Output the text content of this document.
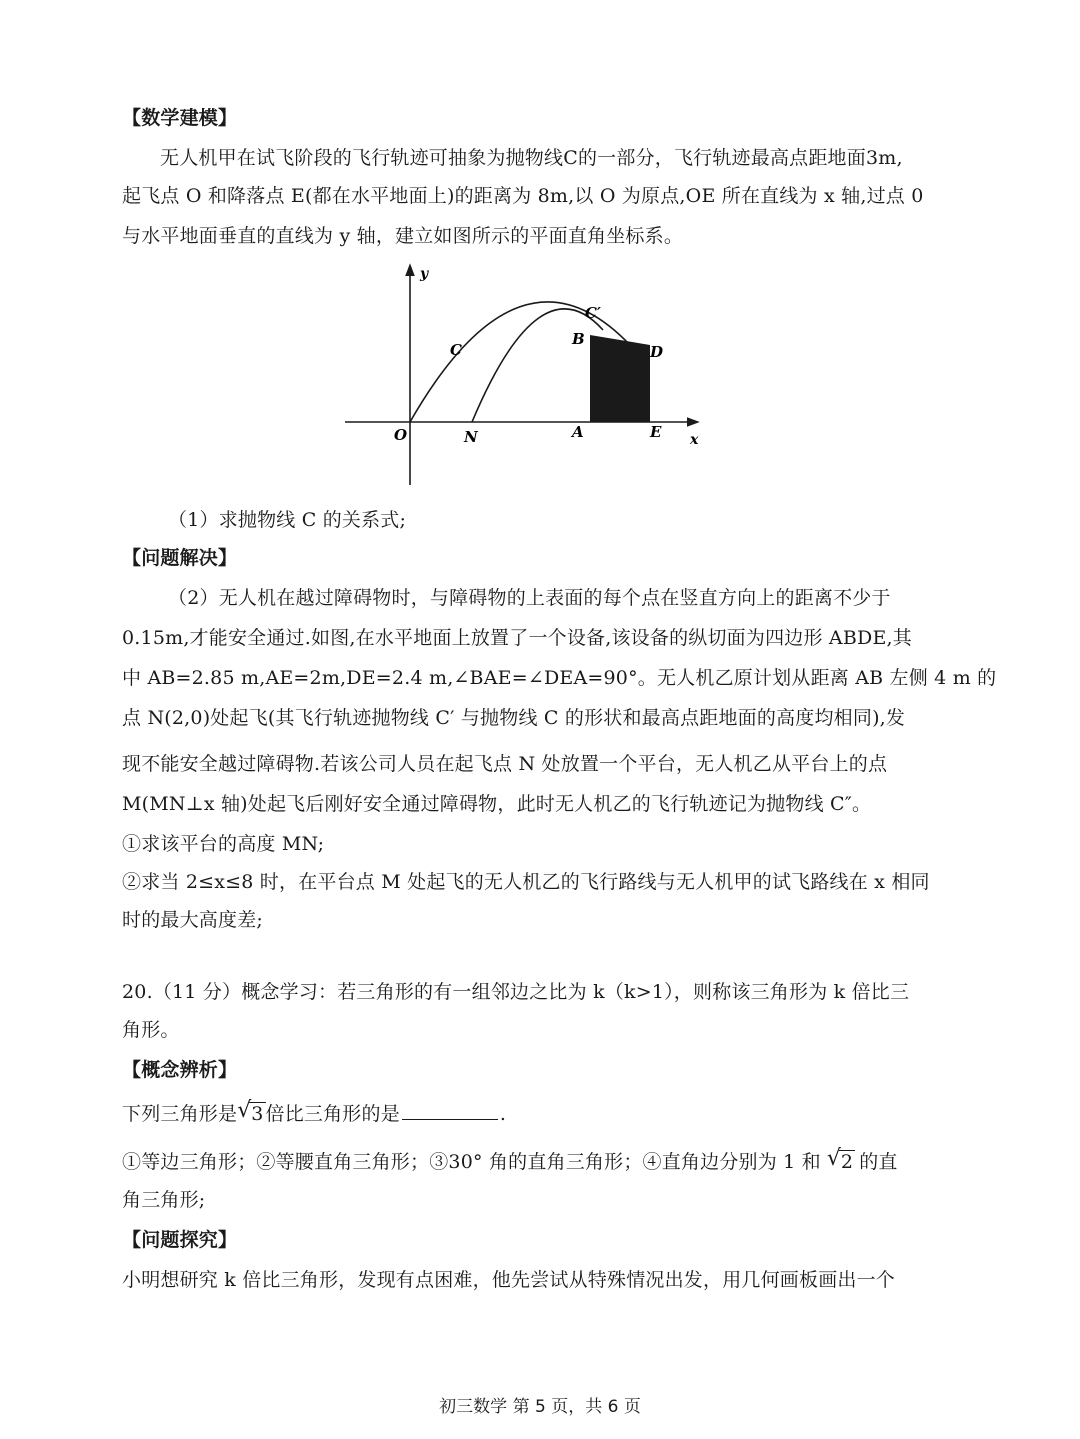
【数学建模】
无人机甲在试飞阶段的飞行轨迹可抽象为抛物线C的一部分，飞行轨迹最高点距地面3m,
起飞点 O 和降落点 E(都在水平地面上)的距离为 8m,以 O 为原点,OE 所在直线为 x 轴,过点 0
与水平地面垂直的直线为 y 轴，建立如图所示的平面直角坐标系。
y
x
O	N	A	E
C
C′
B
D
（1）求抛物线 C 的关系式;
【问题解决】
（2）无人机在越过障碍物时，与障碍物的上表面的每个点在竖直方向上的距离不少于
0.15m,才能安全通过.如图,在水平地面上放置了一个设备,该设备的纵切面为四边形 ABDE,其
中 AB=2.85 m,AE=2m,DE=2.4 m,∠BAE=∠DEA=90°。无人机乙原计划从距离 AB 左侧 4 m 的
点 N(2,0)处起飞(其飞行轨迹抛物线 C′ 与抛物线 C 的形状和最高点距地面的高度均相同),发
现不能安全越过障碍物.若该公司人员在起飞点 N 处放置一个平台，无人机乙从平台上的点
M(MN⊥x 轴)处起飞后刚好安全通过障碍物，此时无人机乙的飞行轨迹记为抛物线 C″。
①求该平台的高度 MN;
②求当 2≤x≤8 时，在平台点 M 处起飞的无人机乙的飞行路线与无人机甲的试飞路线在 x 相同
时的最大高度差;
20.（11 分）概念学习：若三角形的有一组邻边之比为 k（k>1），则称该三角形为 k 倍比三
角形。
【概念辨析】
下列三角形是 √ 3 倍比三角形的是	.
①等边三角形；②等腰直角三角形；③30° 角的直角三角形；④直角边分别为 1 和 √ 2 的直
角三角形;
【问题探究】
小明想研究 k 倍比三角形，发现有点困难，他先尝试从特殊情况出发，用几何画板画出一个
初三数学 第 5 页，共 6 页
